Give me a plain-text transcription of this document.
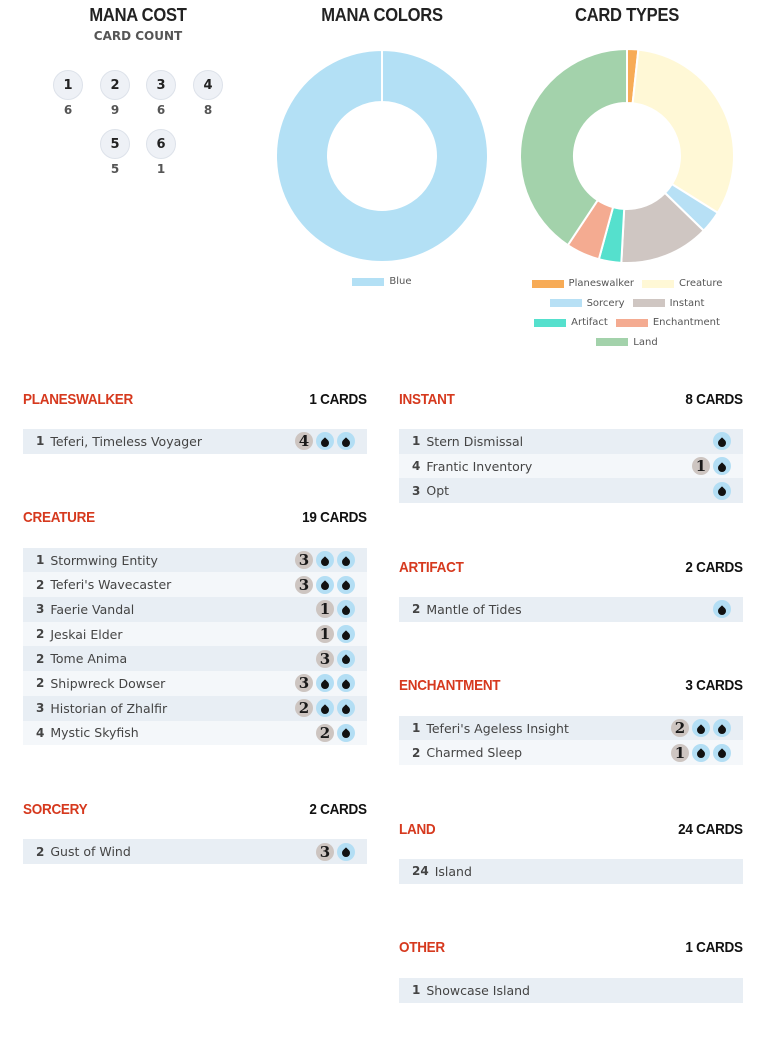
MANA COST
CARD COUNT
1
6
2
9
3
6
4
8
5
5
6
1
MANA COLORS
Blue
CARD TYPES
Planeswalker	Creature
Sorcery	Instant
Artifact	Enchantment
Land
PLANESWALKER	1 CARDS
1 Teferi, Timeless Voyager	4
CREATURE	19 CARDS
1 Stormwing Entity	3
2 Teferi's Wavecaster	3
3 Faerie Vandal	1
2 Jeskai Elder	1
2 Tome Anima	3
2 Shipwreck Dowser	3
3 Historian of Zhalfir	2
4 Mystic Skyfish	2
SORCERY	2 CARDS
2 Gust of Wind	3
INSTANT	8 CARDS
1 Stern Dismissal
4 Frantic Inventory	1
3 Opt
ARTIFACT	2 CARDS
2 Mantle of Tides
ENCHANTMENT	3 CARDS
1 Teferi's Ageless Insight	2
2 Charmed Sleep	1
LAND	24 CARDS
24 Island
OTHER	1 CARDS
1 Showcase Island
